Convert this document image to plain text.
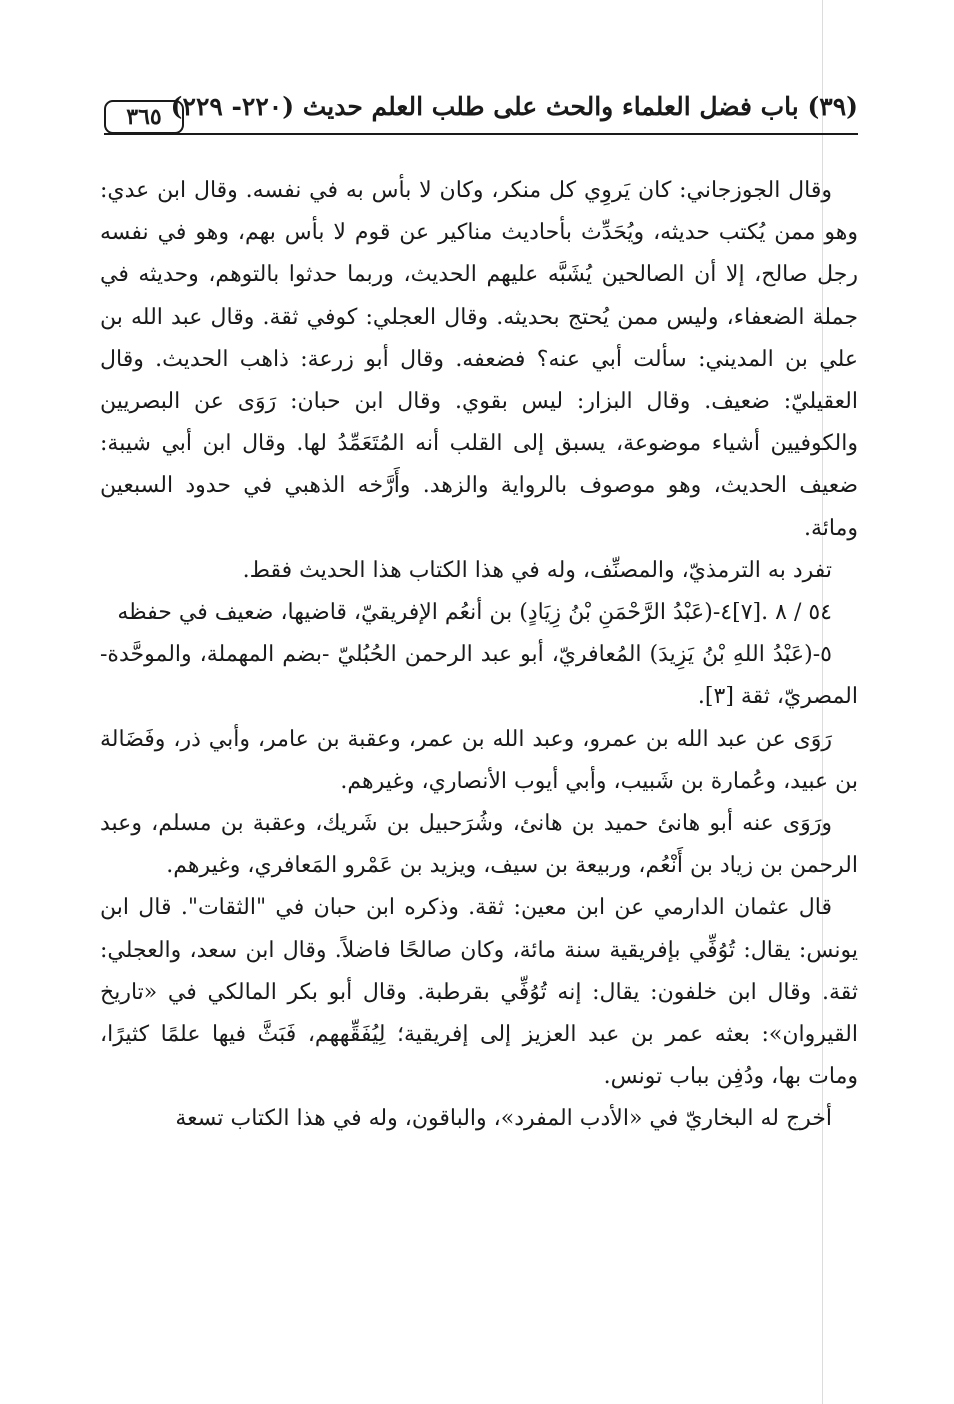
(٣٩) باب فضل العلماء والحث على طلب العلم حديث (٢٢٠- ٢٢٩)
٣٦٥

وقال الجوزجاني: كان يَروِي كل منكر، وكان لا بأس به في نفسه. وقال ابن عدي: وهو ممن يُكتب حديثه، ويُحَدِّث بأحاديث مناكير عن قوم لا بأس بهم، وهو في نفسه رجل صالح، إلا أن الصالحين يُشَبَّه عليهم الحديث، وربما حدثوا بالتوهم، وحديثه في جملة الضعفاء، وليس ممن يُحتج بحديثه. وقال العجلي: كوفي ثقة. وقال عبد الله بن علي بن المديني: سألت أبي عنه؟ فضعفه. وقال أبو زرعة: ذاهب الحديث. وقال العقيليّ: ضعيف. وقال البزار: ليس بقوي. وقال ابن حبان: رَوَى عن البصريين والكوفيين أشياء موضوعة، يسبق إلى القلب أنه المُتَعَمِّدُ لها. وقال ابن أبي شيبة: ضعيف الحديث، وهو موصوف بالرواية والزهد. وأَرَّخه الذهبي في حدود السبعين ومائة.

تفرد به الترمذيّ، والمصنِّف، وله في هذا الكتاب هذا الحديث فقط.

٥٤ / ٨ .[٧]٤-(عَبْدُ الرَّحْمَنِ بْنُ زِيَادٍ) بن أنعُم الإفريقيّ، قاضيها، ضعيف في حفظه

٥-(عَبْدُ اللهِ بْنُ يَزِيدَ) المُعافريّ، أبو عبد الرحمن الحُبُليّ -بضم المهملة، والموحَّدة- المصريّ، ثقة [٣].

رَوَى عن عبد الله بن عمرو، وعبد الله بن عمر، وعقبة بن عامر، وأبي ذر، وفَضَالة بن عبيد، وعُمارة بن شَبيب، وأبي أيوب الأنصاري، وغيرهم.

ورَوَى عنه أبو هانئ حميد بن هانئ، وشُرَحبيل بن شَريك، وعقبة بن مسلم، وعبد الرحمن بن زياد بن أَنْعُم، وربيعة بن سيف، ويزيد بن عَمْرو المَعافري، وغيرهم.

قال عثمان الدارمي عن ابن معين: ثقة. وذكره ابن حبان في "الثقات". قال ابن يونس: يقال: تُوُفِّي بإفريقية سنة مائة، وكان صالحًا فاضلاً. وقال ابن سعد، والعجلي: ثقة. وقال ابن خلفون: يقال: إنه تُوُفِّي بقرطبة. وقال أبو بكر المالكي في «تاريخ القيروان»: بعثه عمر بن عبد العزيز إلى إفريقية؛ لِيُفَقِّههم، فَبَثَّ فيها علمًا كثيرًا، ومات بها، ودُفِن بباب تونس.

أخرج له البخاريّ في «الأدب المفرد»، والباقون، وله في هذا الكتاب تسعة
